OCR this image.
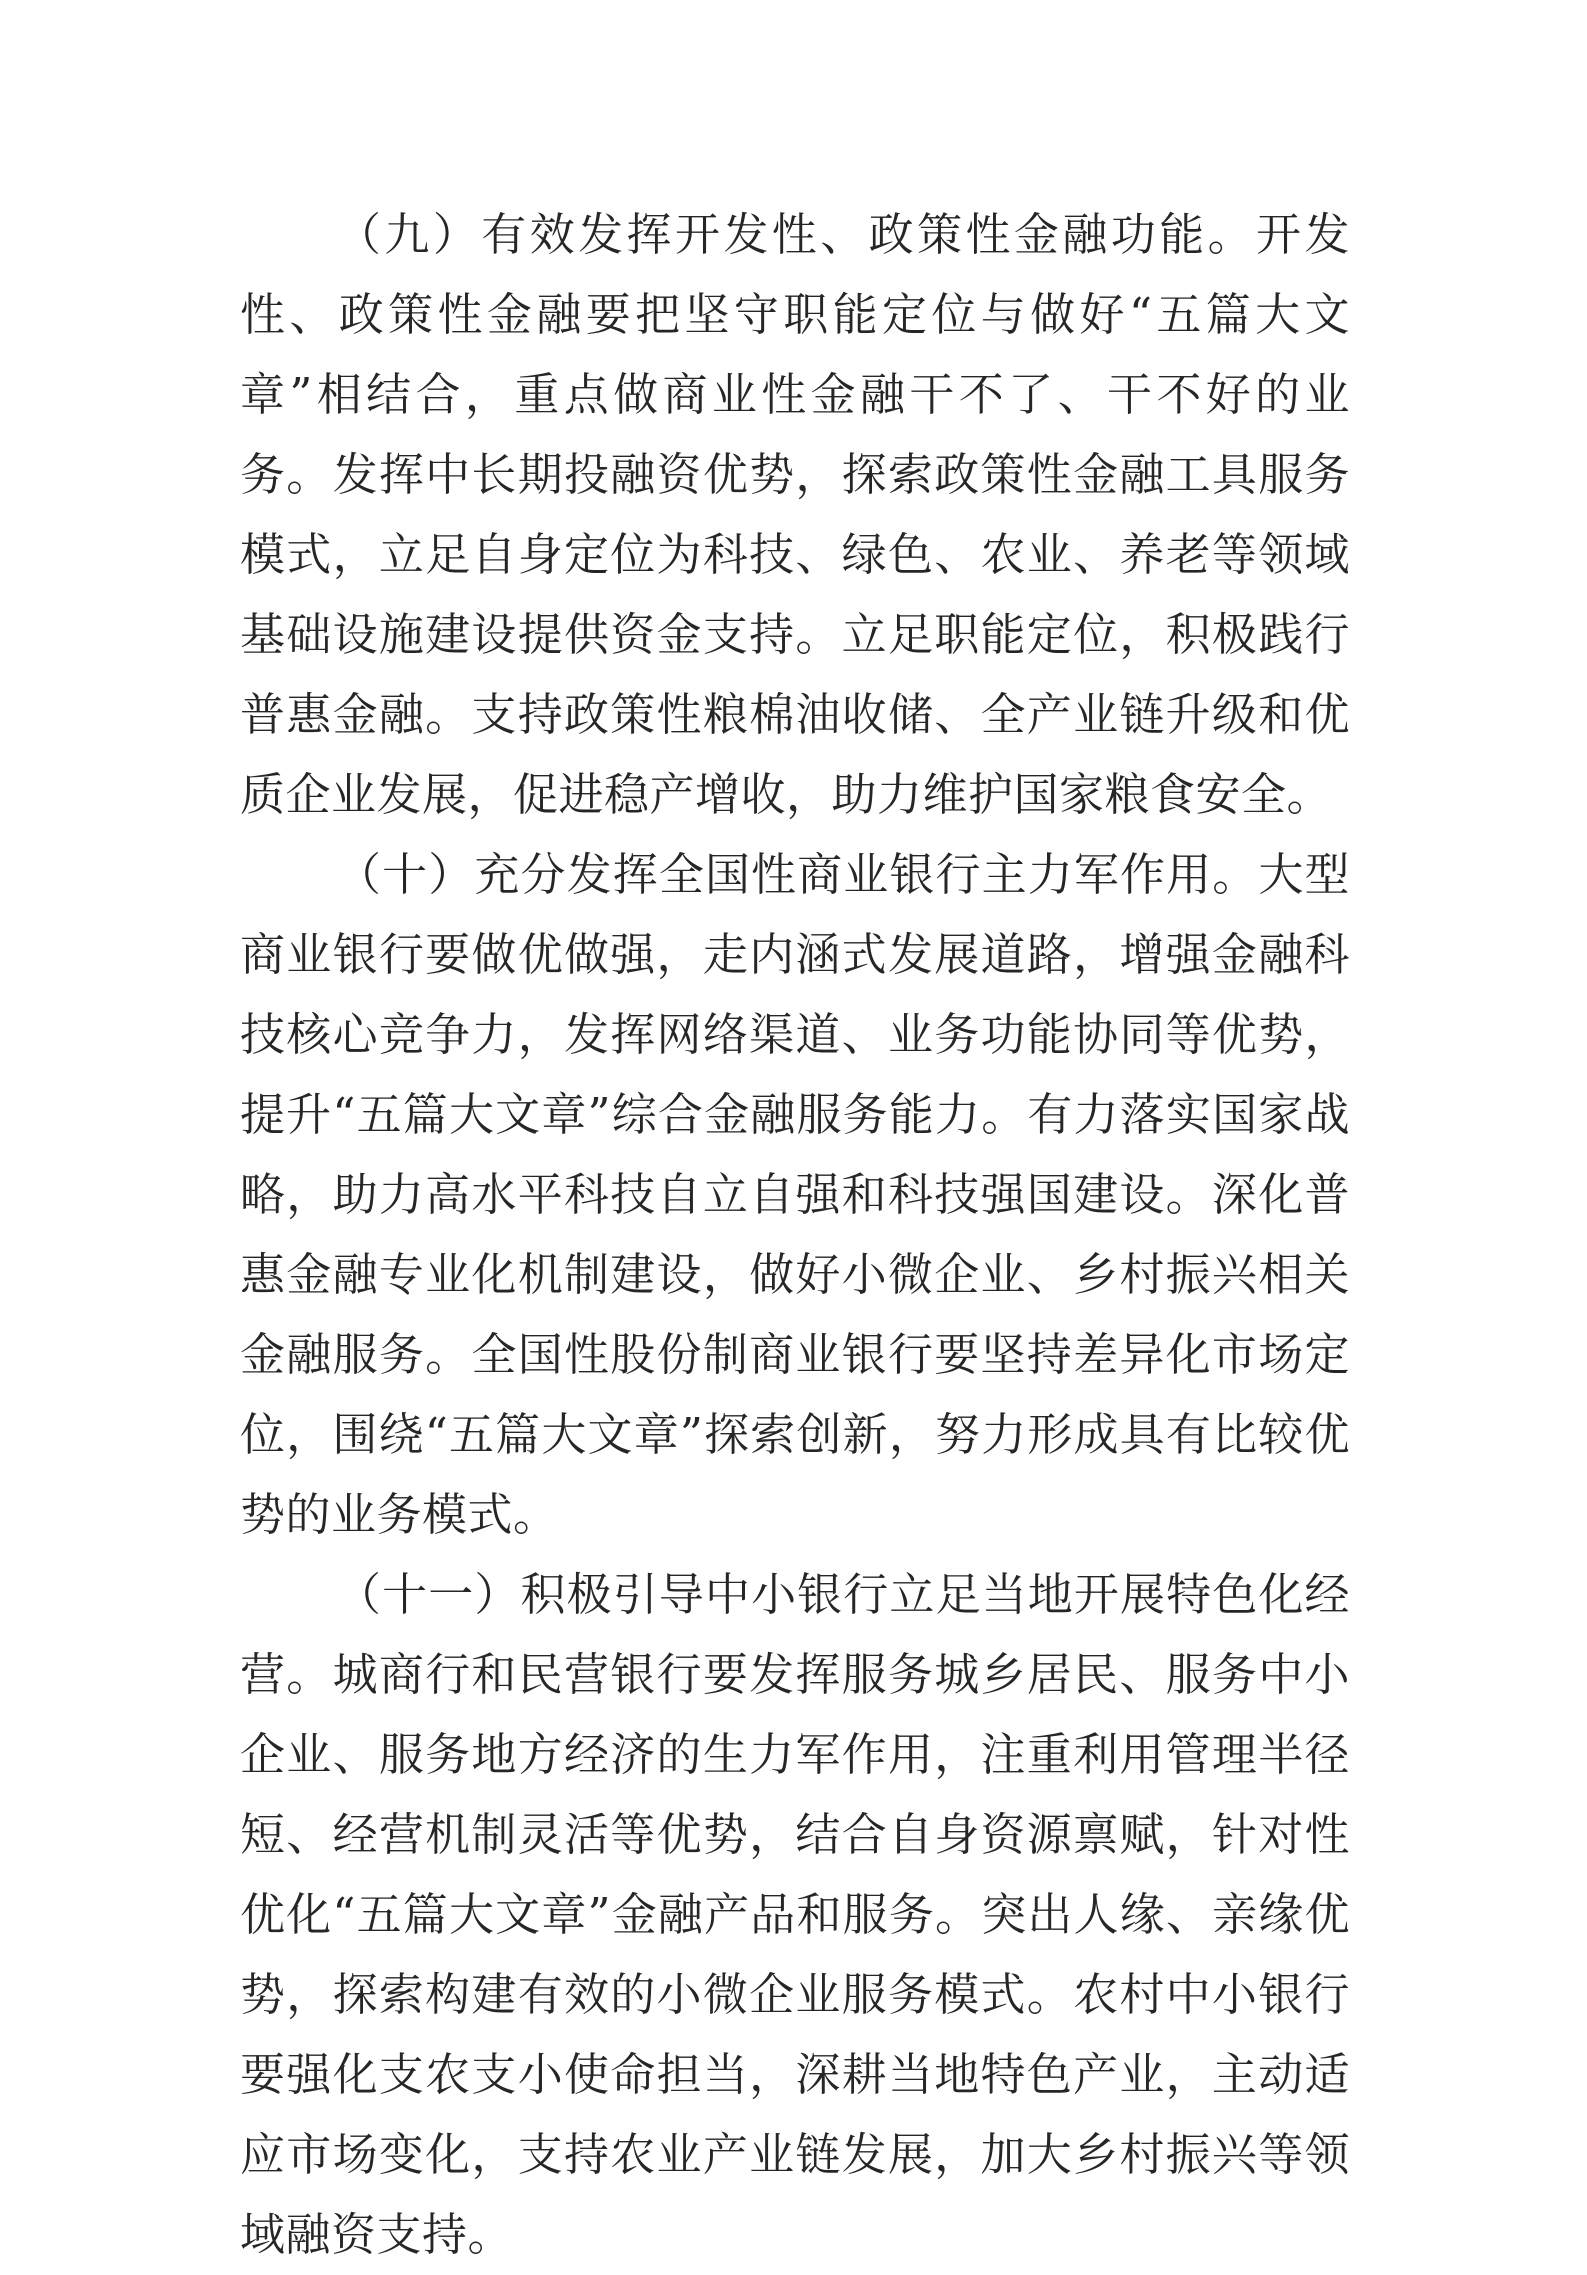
（九）有效发挥开发性、政策性金融功能。开发性、政策性金融要把坚守职能定位与做好“五篇大文章”相结合，重点做商业性金融干不了、干不好的业务。发挥中长期投融资优势，探索政策性金融工具服务模式，立足自身定位为科技、绿色、农业、养老等领域基础设施建设提供资金支持。立足职能定位，积极践行普惠金融。支持政策性粮棉油收储、全产业链升级和优质企业发展，促进稳产增收，助力维护国家粮食安全。

（十）充分发挥全国性商业银行主力军作用。大型商业银行要做优做强，走内涵式发展道路，增强金融科技核心竞争力，发挥网络渠道、业务功能协同等优势，提升“五篇大文章”综合金融服务能力。有力落实国家战略，助力高水平科技自立自强和科技强国建设。深化普惠金融专业化机制建设，做好小微企业、乡村振兴相关金融服务。全国性股份制商业银行要坚持差异化市场定位，围绕“五篇大文章”探索创新，努力形成具有比较优势的业务模式。

（十一）积极引导中小银行立足当地开展特色化经营。城商行和民营银行要发挥服务城乡居民、服务中小企业、服务地方经济的生力军作用，注重利用管理半径短、经营机制灵活等优势，结合自身资源禀赋，针对性优化“五篇大文章”金融产品和服务。突出人缘、亲缘优势，探索构建有效的小微企业服务模式。农村中小银行要强化支农支小使命担当，深耕当地特色产业，主动适应市场变化，支持农业产业链发展，加大乡村振兴等领域融资支持。
